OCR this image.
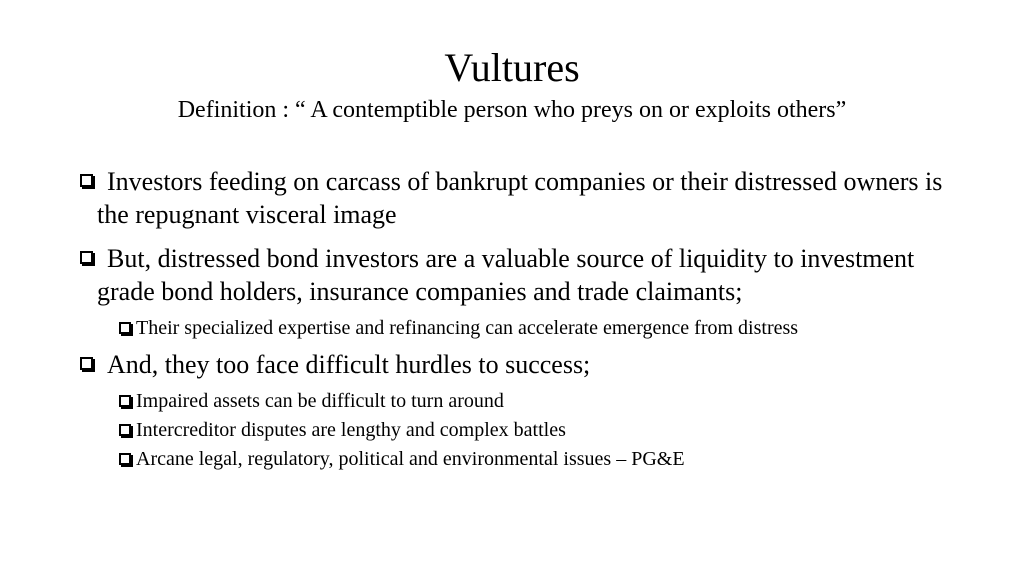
Vultures
Definition : “ A contemptible person who preys on or exploits others”
Investors feeding on carcass of bankrupt companies or their distressed owners is the repugnant visceral image
But, distressed bond investors are a valuable source of liquidity to investment grade bond holders, insurance companies and trade claimants;
Their specialized expertise and refinancing can accelerate emergence from distress
And, they too face difficult hurdles to success;
Impaired assets can be difficult to turn around
Intercreditor disputes are lengthy and complex battles
Arcane legal, regulatory, political and environmental issues – PG&E
